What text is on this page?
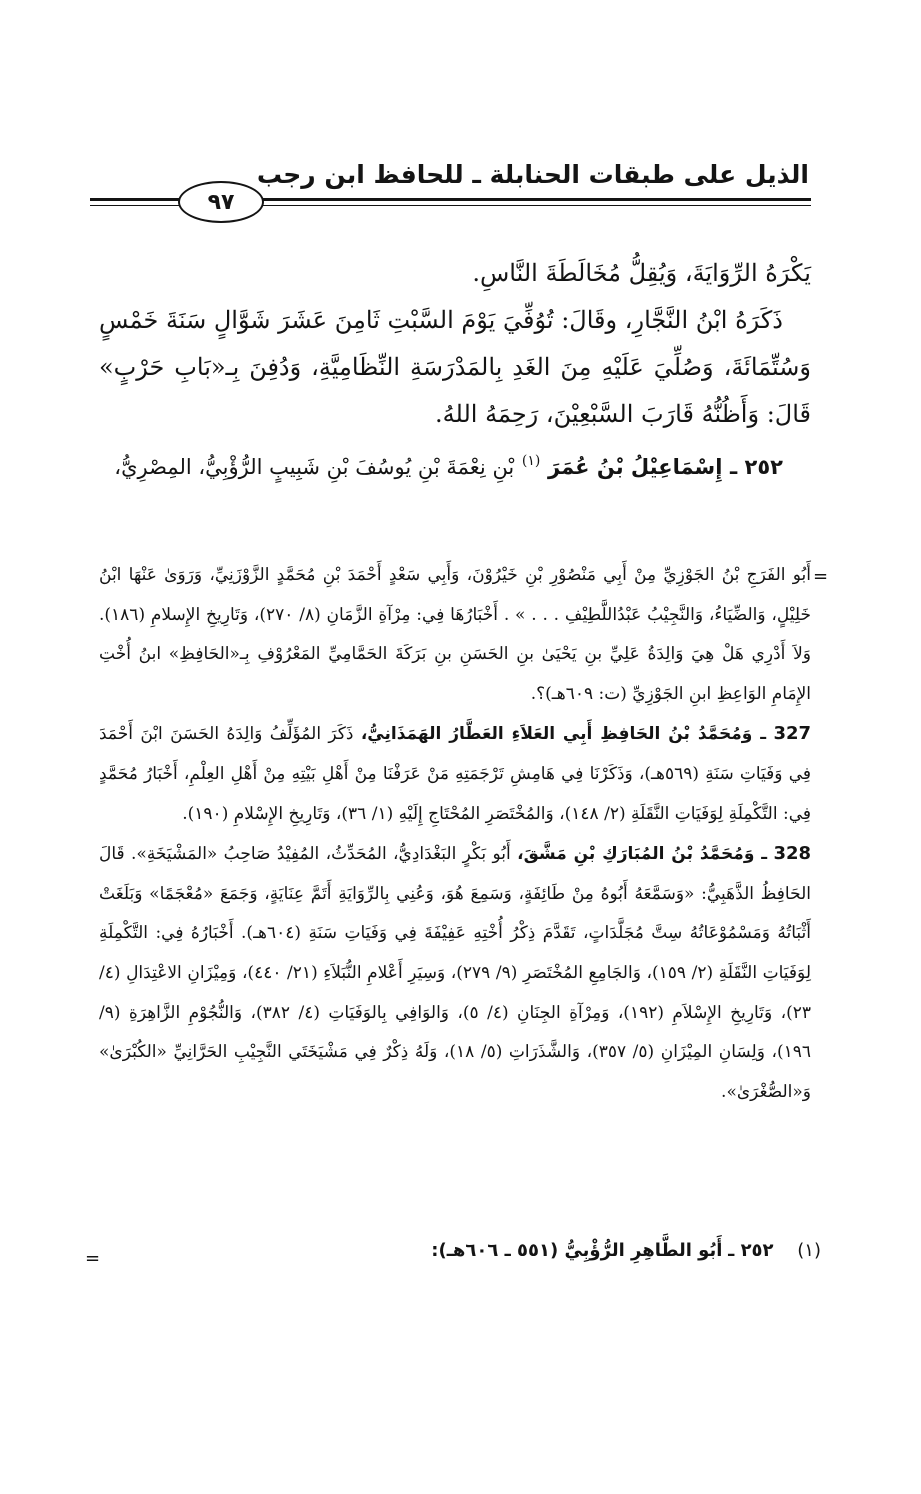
الذيل على طبقات الحنابلة ـ للحافظ ابن رجب
٩٧

يَكْرَهُ الرِّوَايَةَ، وَيُقِلُّ مُخَالَطَةَ النَّاسِ.

ذَكَرَهُ ابْنُ النَّجَّارِ، وقَالَ: تُوُفِّيَ يَوْمَ السَّبْتِ ثَامِنَ عَشَرَ شَوَّالٍ سَنَةَ خَمْسٍ وَسُتِّمَائَةَ، وَصُلِّيَ عَلَيْهِ مِنَ الغَدِ بِالمَدْرَسَةِ النِّظَامِيَّةِ، وَدُفِنَ بِـ«بَابِ حَرْبٍ» قَالَ: وَأَظُنُّهُ قَارَبَ السَّبْعِيْنَ، رَحِمَهُ اللهُ.

٢٥٢ ـ إِسْمَاعِيْلُ بْنُ عُمَرَ $^{(١)}$ بْنِ نِعْمَةَ بْنِ يُوسُفَ بْنِ شَبِيبٍ الرُّؤْبِيُّ، المِصْرِيُّ،

=

أَبُو الفَرَجِ بْنُ الجَوْزِيِّ مِنْ أَبِي مَنْصُوْرِ بْنِ خَيْرُوْنَ، وَأَبِي سَعْدٍ أَحْمَدَ بْنِ مُحَمَّدٍ الزَّوْزَنِيِّ، وَرَوَىٰ عَنْهَا ابْنُ خَلِيْلٍ، وَالضِّيَاءُ، وَالنَّجِيْبُ عَبْدُاللَّطِيْفِ . . . » . أَخْبَارُهَا فِي: مِرْآةِ الزَّمَانِ (٨/ ٢٧٠)، وَتَارِيخِ الإِسلامِ (١٨٦). وَلاَ أَدْرِي هَلْ هِيَ وَالِدَةُ عَلِيِّ بنِ يَحْيَىٰ بنِ الحَسَنِ بنِ بَرَكَةَ الحَمَّامِيِّ المَعْرُوْفِ بِـ«الحَافِظِ» ابنُ أُخْتِ الإِمَامِ الوَاعِظِ ابنِ الجَوْزِيِّ (ت: ٦٠٩هـ)؟.

327 ـ وَمُحَمَّدُ بْنُ الحَافِظِ أَبِي العَلاَءِ العَطَّارُ الهَمَذَانِيُّ، ذَكَرَ المُؤَلِّفُ وَالِدَهُ الحَسَنَ ابْنَ أَحْمَدَ فِي وَفَيَاتِ سَنَةِ (٥٦٩هـ)، وَذَكَرْنَا فِي هَامِشِ تَرْجَمَتِهِ مَنْ عَرَفْنَا مِنْ أَهْلِ بَيْتِهِ مِنْ أَهْلِ العِلْمِ، أَخْبَارُ مُحَمَّدٍ فِي: التَّكْمِلَةِ لِوَفَيَاتِ النَّقَلَةِ (٢/ ١٤٨)، وَالمُخْتَصَرِ المُحْتَاجِ إِلَيْهِ (١/ ٣٦)، وَتَارِيخِ الإِسْلامِ (١٩٠).

328 ـ وَمُحَمَّدُ بْنُ المُبَارَكِ بْنِ مَشَّقَ، أَبُو بَكْرٍ البَغْدَادِيُّ، المُحَدِّثُ، المُفِيْدُ صَاحِبُ «المَشْيَخَةِ». قَالَ الحَافِظُ الذَّهَبِيُّ: «وَسَمَّعَهُ أَبُوهُ مِنْ طَائِفَةٍ، وَسَمِعَ هُوَ، وَعُنِي بِالرِّوَايَةِ أَتَمَّ عِنَايَةٍ، وَجَمَعَ «مُعْجَمًا» وَبَلَغَتْ أَثْبَاتُهُ وَمَسْمُوْعَاتُهُ سِتَّ مُجَلَّدَاتٍ، تَقَدَّمَ ذِكْرُ أُخْتِهِ عَفِيْفَةَ فِي وَفَيَاتِ سَنَةِ (٦٠٤هـ). أَخْبَارُهُ فِي: التَّكْمِلَةِ لِوَفَيَاتِ النَّقَلَةِ (٢/ ١٥٩)، وَالجَامِعِ المُخْتَصَرِ (٩/ ٢٧٩)، وَسِيَرِ أَعْلامِ النُّبَلاَءِ (٢١/ ٤٤٠)، وَمِيْزَانِ الاعْتِدَالِ (٤/ ٢٣)، وَتَارِيخِ الإِسْلاَمِ (١٩٢)، وَمِرْآةِ الجِنَانِ (٤/ ٥)، وَالوَافِي بِالوَفَيَاتِ (٤/ ٣٨٢)، وَالنُّجُوْمِ الزَّاهِرَةِ (٩/ ١٩٦)، وَلِسَانِ المِيْزَانِ (٥/ ٣٥٧)، وَالشَّذَرَاتِ (٥/ ١٨)، وَلَهُ ذِكْرٌ فِي مَشْيَخَتَي النَّجِيْبِ الحَرَّانِيِّ «الكُبْرَىٰ» وَ«الصُّغْرَىٰ».

(١) ٢٥٢ ـ أَبُو الطَّاهِرِ الرُّؤْبِيُّ (٥٥١ ـ ٦٠٦هـ):
=
